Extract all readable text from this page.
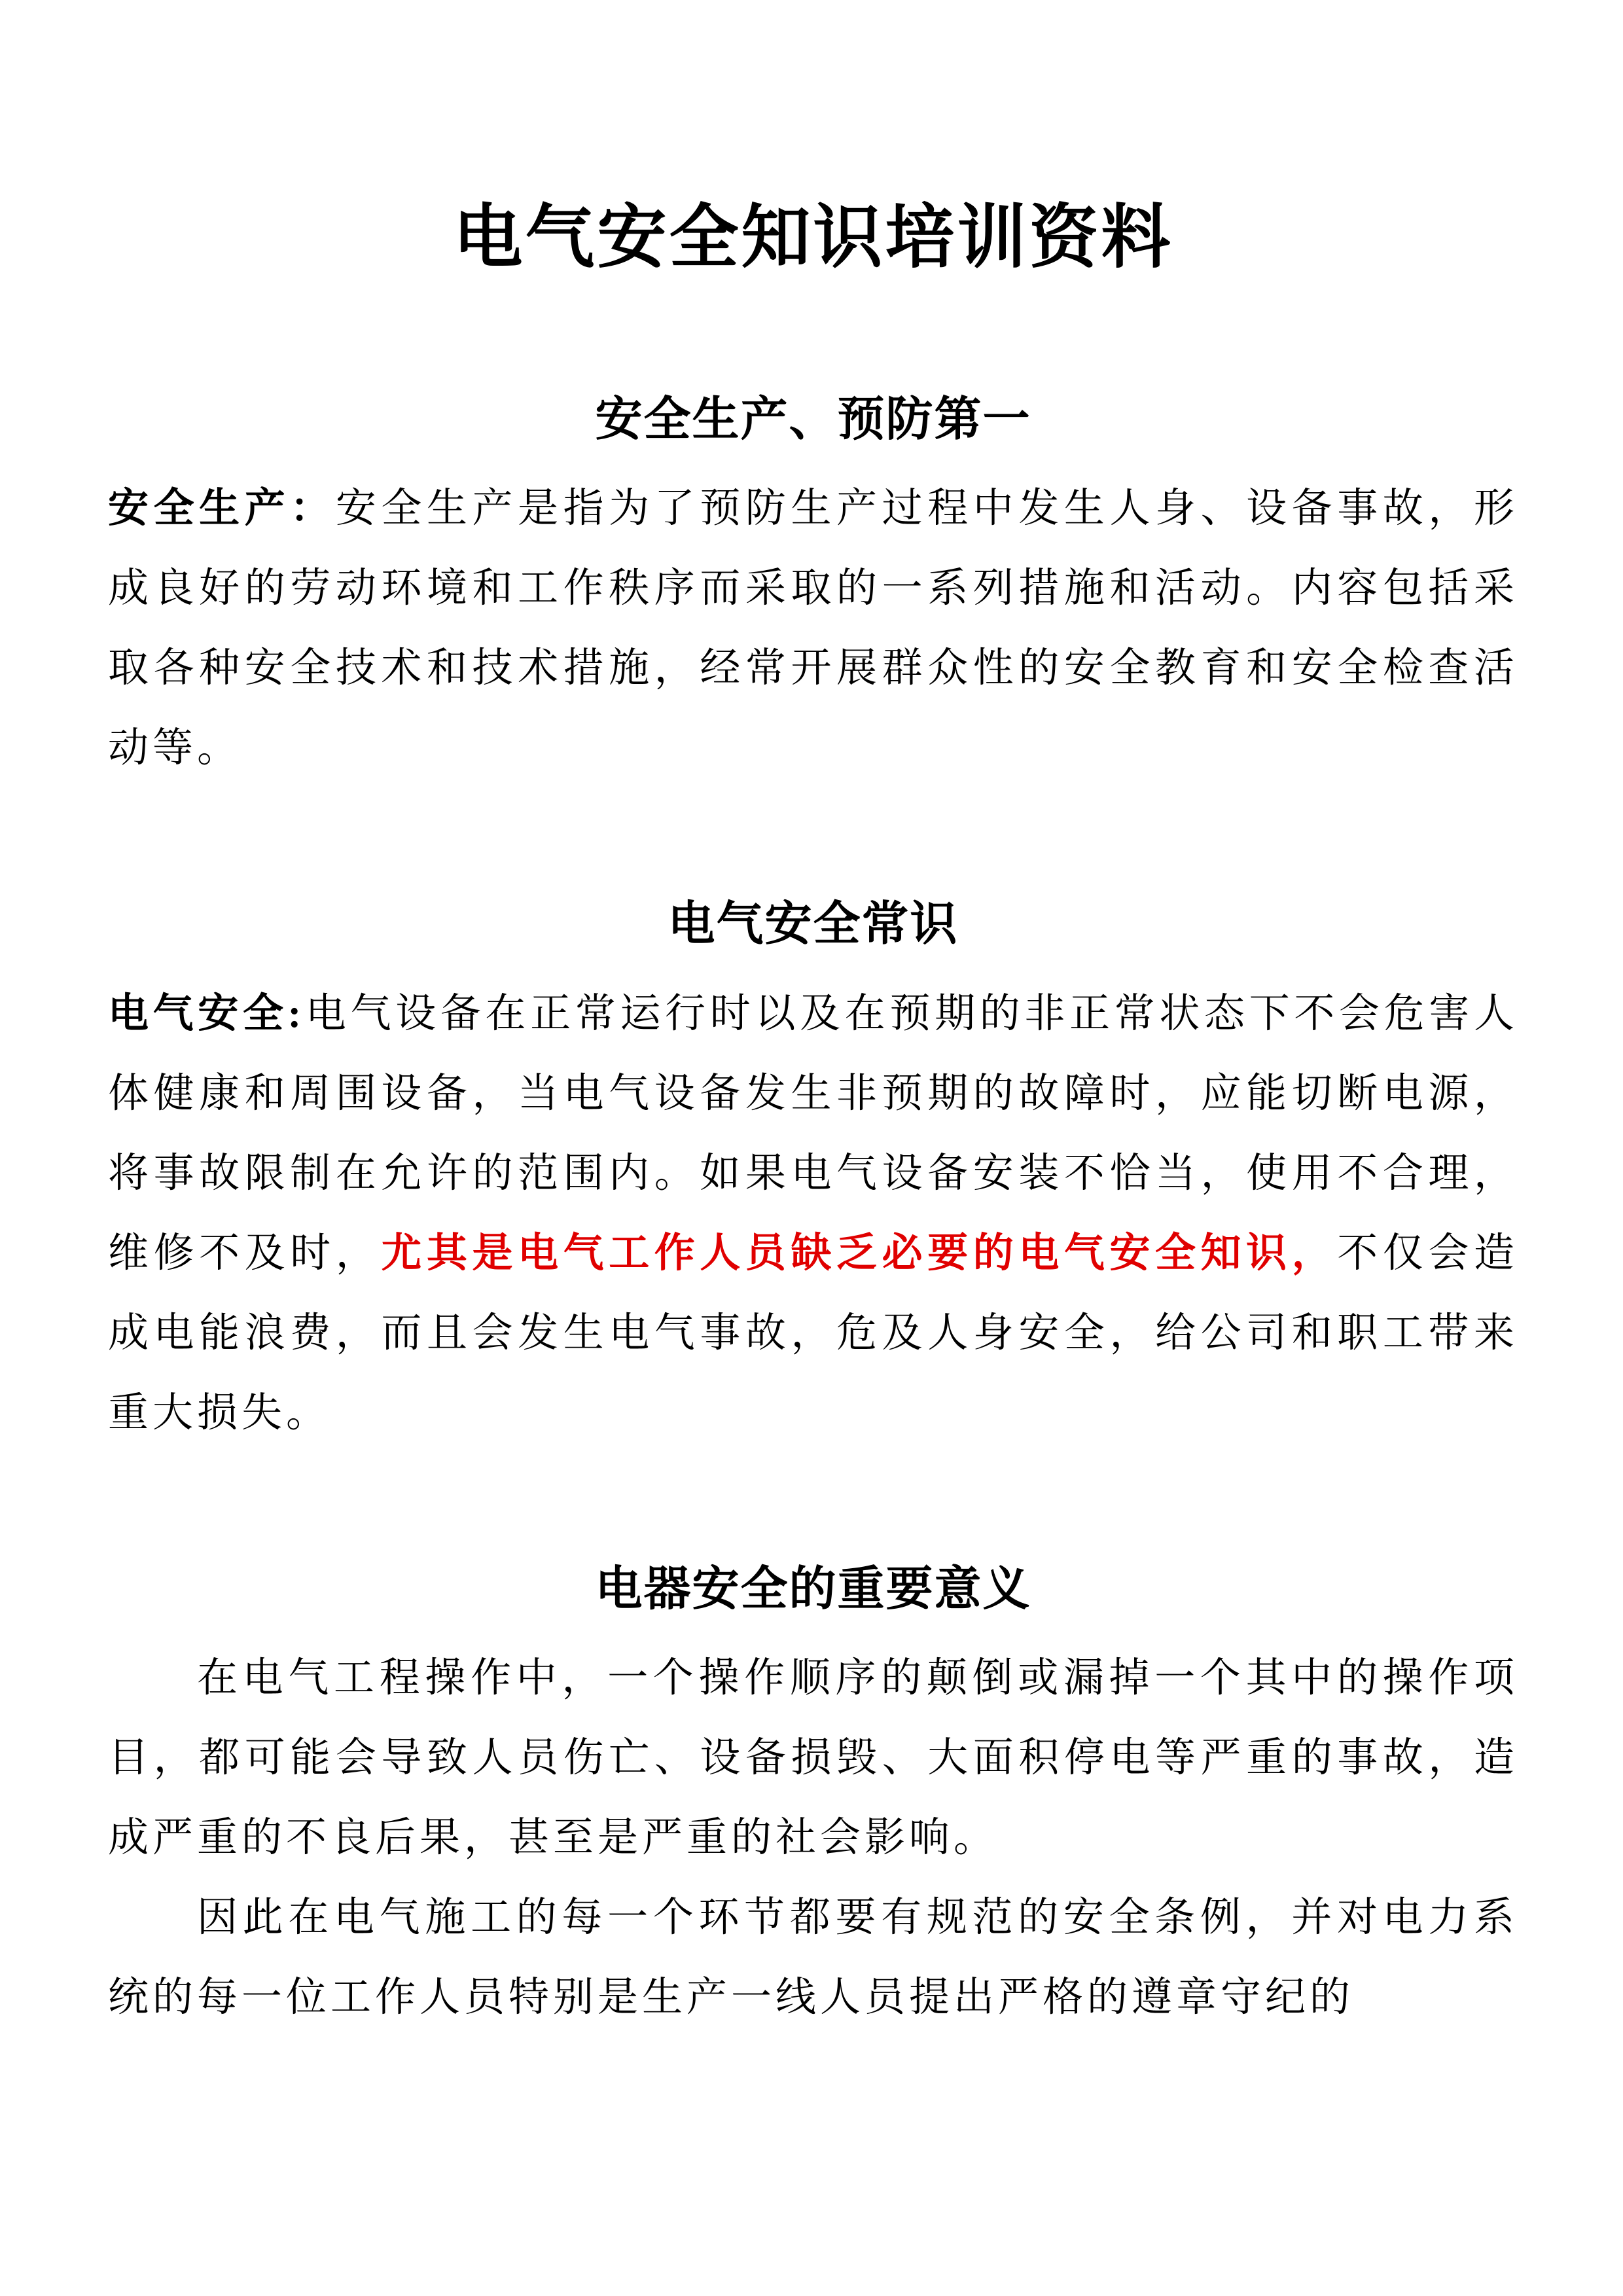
电气安全知识培训资料
安全生产、预防第一

安全生产：安全生产是指为了预防生产过程中发生人身、设备事故，形成良好的劳动环境和工作秩序而采取的一系列措施和活动。内容包括采取各种安全技术和技术措施，经常开展群众性的安全教育和安全检查活动等。

电气安全常识

电气安全:电气设备在正常运行时以及在预期的非正常状态下不会危害人体健康和周围设备，当电气设备发生非预期的故障时，应能切断电源，将事故限制在允许的范围内。如果电气设备安装不恰当，使用不合理，维修不及时，尤其是电气工作人员缺乏必要的电气安全知识，不仅会造成电能浪费，而且会发生电气事故，危及人身安全，给公司和职工带来重大损失。

电器安全的重要意义

在电气工程操作中，一个操作顺序的颠倒或漏掉一个其中的操作项目，都可能会导致人员伤亡、设备损毁、大面积停电等严重的事故，造成严重的不良后果，甚至是严重的社会影响。

因此在电气施工的每一个环节都要有规范的安全条例，并对电力系统的每一位工作人员特别是生产一线人员提出严格的遵章守纪的
